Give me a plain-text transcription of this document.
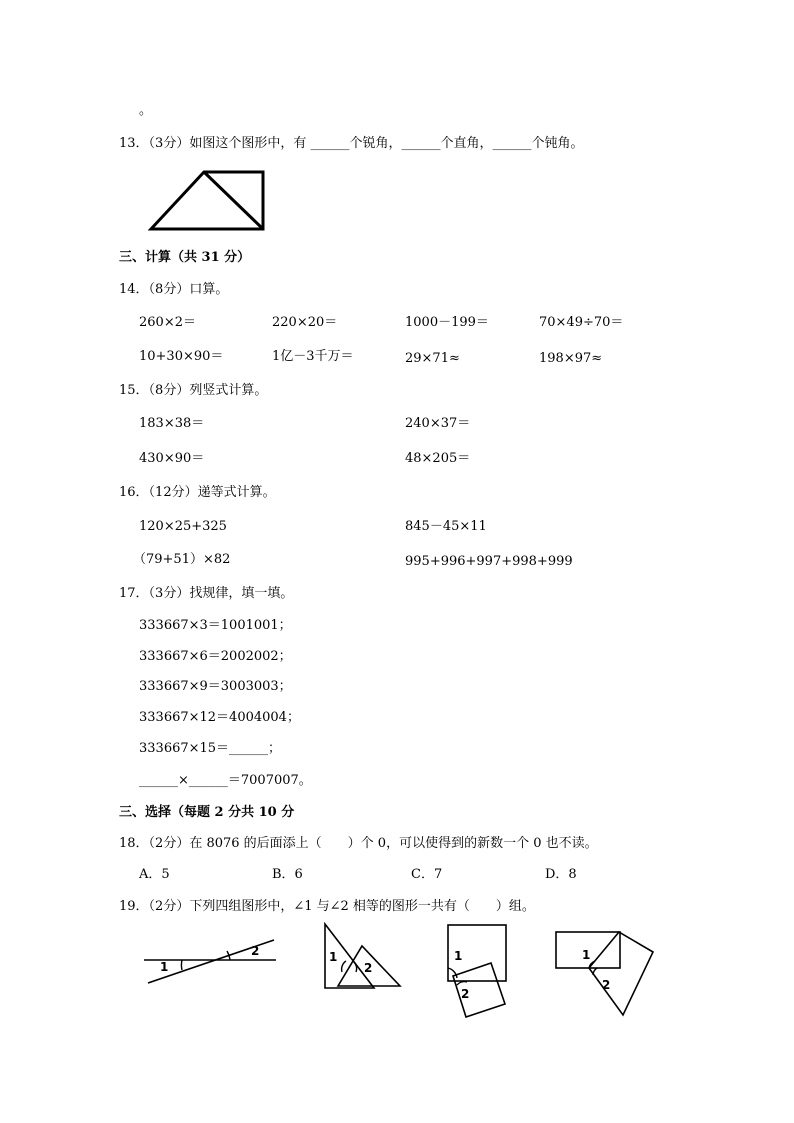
。
13．（3分）如图这个图形中，有 ______个锐角，______个直角，______个钝角。
三、计算（共 31 分）
14．（8分）口算。
260×2＝	220×20＝	1000－199＝	70×49÷70＝
10+30×90＝	1亿－3千万＝	29×71≈	198×97≈
15．（8分）列竖式计算。
183×38＝	240×37＝
430×90＝	48×205＝
16．（12分）递等式计算。
120×25+325	845－45×11
（79+51）×82	995+996+997+998+999
17．（3分）找规律，填一填。
333667×3＝1001001；
333667×6＝2002002；
333667×9＝3003003；
333667×12＝4004004；
333667×15＝______；
______×______＝7007007。
三、选择（每题 2 分共 10 分
18．（2分）在 8076 的后面添上（　　）个 0，可以使得到的新数一个 0 也不读。
A．5	B．6	C．7	D．8
19．（2分）下列四组图形中，∠1 与∠2 相等的图形一共有（　　）组。
1
2	1
2
1
2
1
2
